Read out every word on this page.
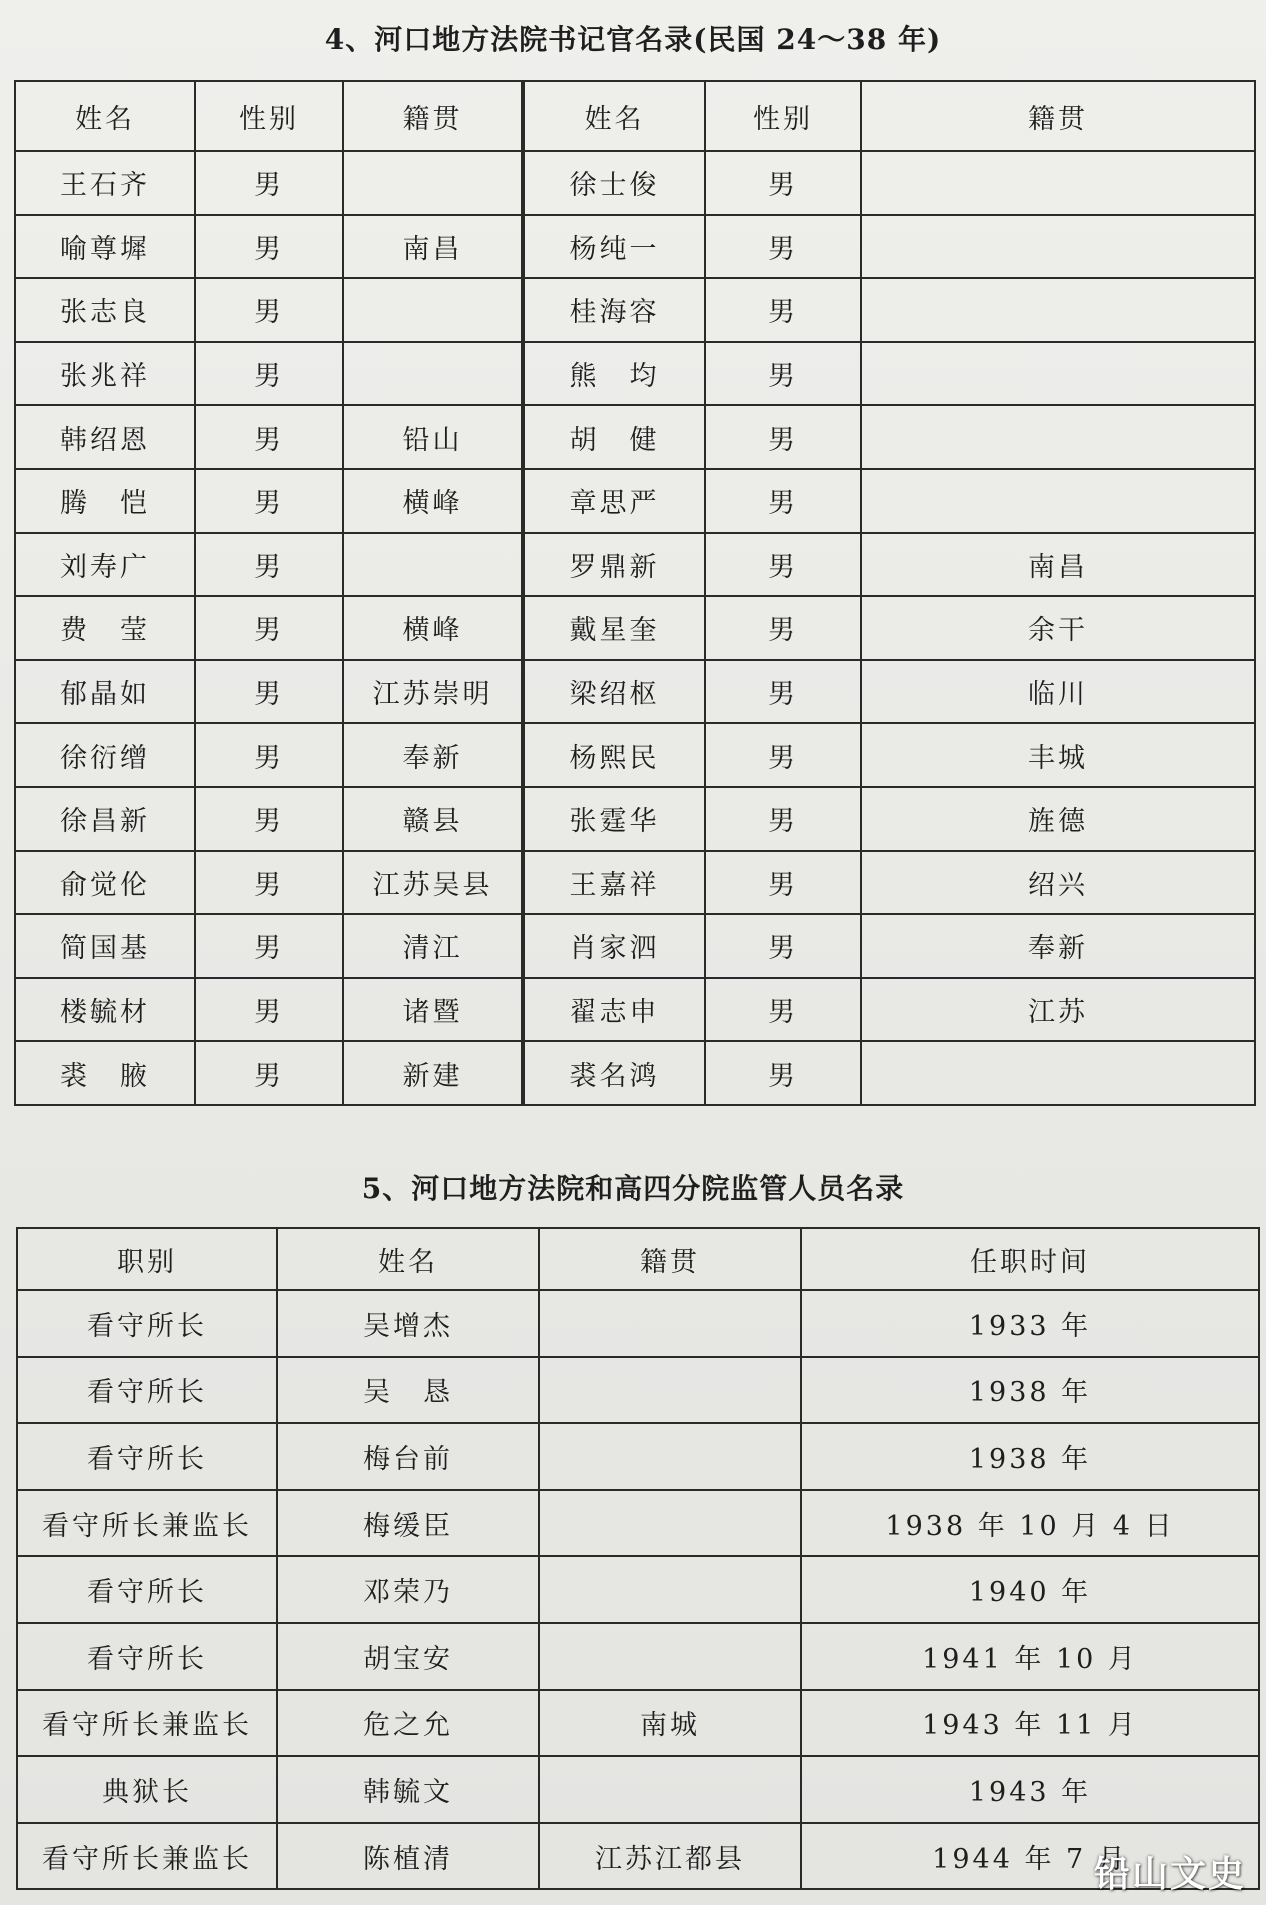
4、河口地方法院书记官名录(民国 24～38 年)
姓名	性别	籍贯	姓名	性别	籍贯
王石齐	男		徐士俊	男	
喻尊墀	男	南昌	杨纯一	男	
张志良	男		桂海容	男	
张兆祥	男		熊　均	男	
韩绍恩	男	铅山	胡　健	男	
腾　恺	男	横峰	章思严	男	
刘寿广	男		罗鼎新	男	南昌
费　莹	男	横峰	戴星奎	男	余干
郁晶如	男	江苏崇明	梁绍枢	男	临川
徐衍缯	男	奉新	杨熙民	男	丰城
徐昌新	男	赣县	张霆华	男	旌德
俞觉伦	男	江苏吴县	王嘉祥	男	绍兴
简国基	男	清江	肖家泗	男	奉新
楼毓材	男	诸暨	翟志申	男	江苏
裘　腋	男	新建	裘名鸿	男	
5、河口地方法院和高四分院监管人员名录
职别	姓名	籍贯	任职时间
看守所长	吴增杰		1933 年
看守所长	吴　恳		1938 年
看守所长	梅台前		1938 年
看守所长兼监长	梅缓臣		1938 年 10 月 4 日
看守所长	邓荣乃		1940 年
看守所长	胡宝安		1941 年 10 月
看守所长兼监长	危之允	南城	1943 年 11 月
典狱长	韩毓文		1943 年
看守所长兼监长	陈植清	江苏江都县	1944 年 7 月
铅山文史
